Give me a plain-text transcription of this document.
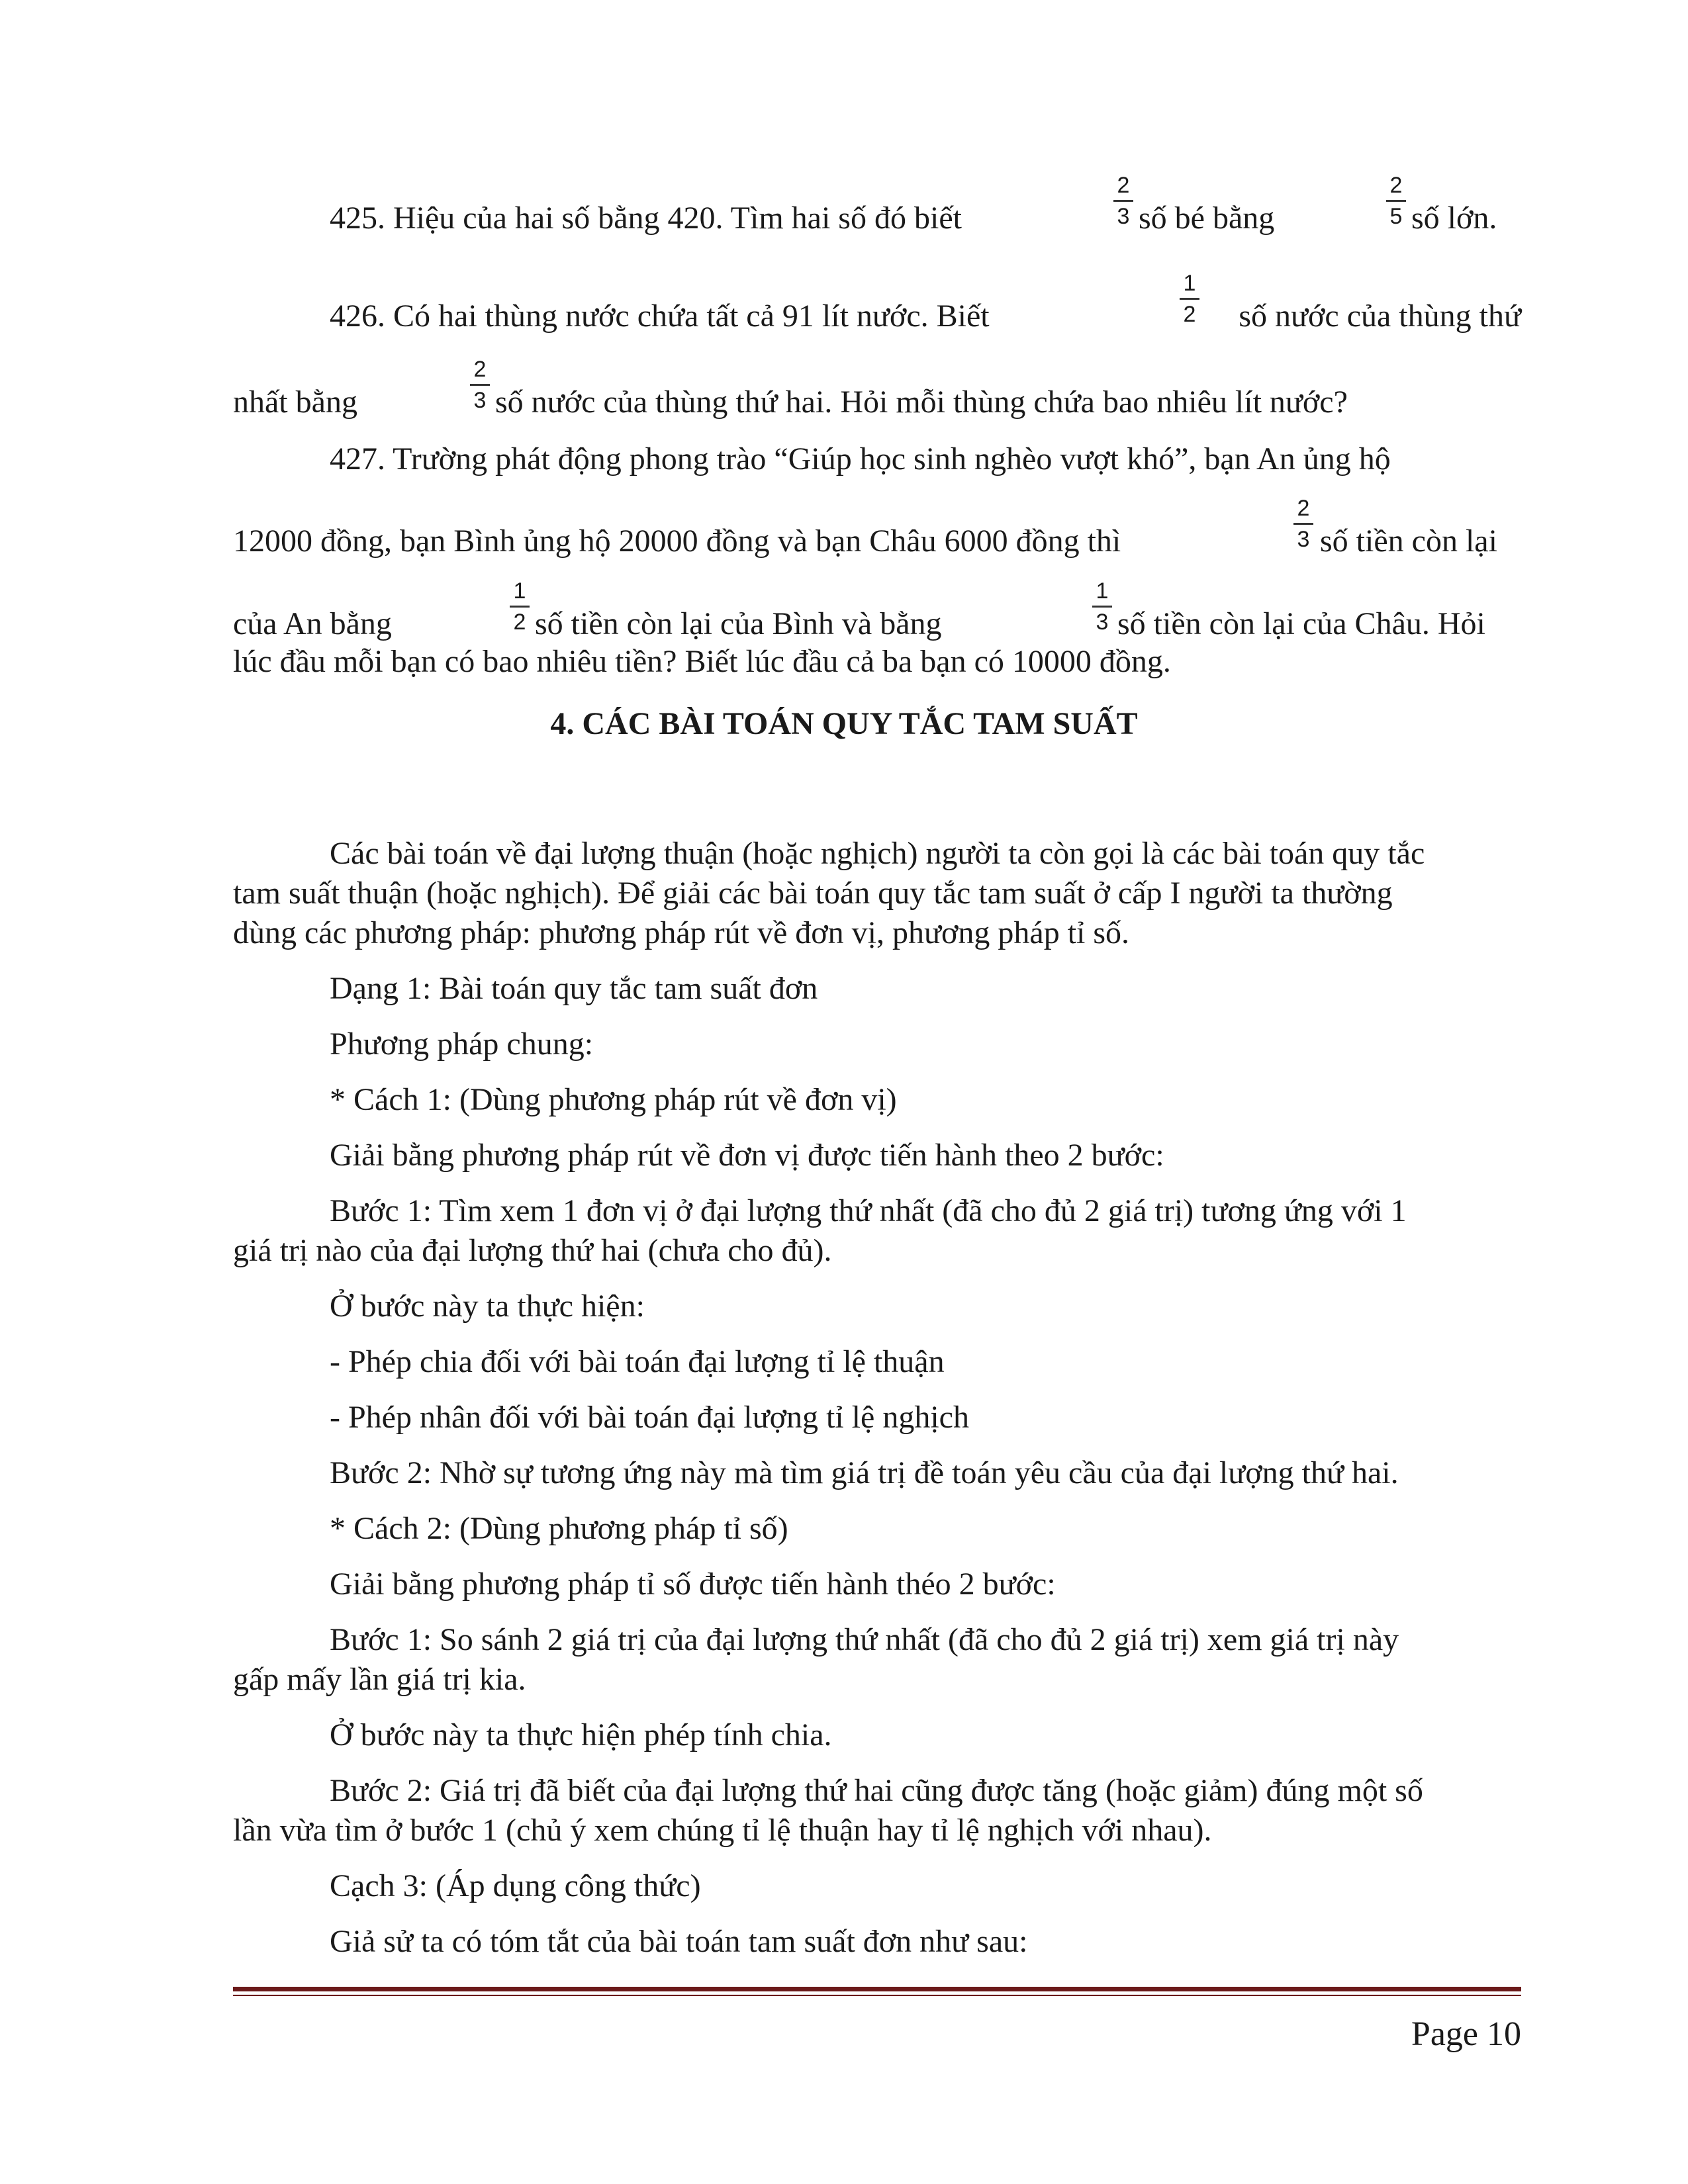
425. Hiệu của hai số bằng 420. Tìm hai số đó biết	$\frac{2}{3}$ số bé bằng	$\frac{2}{5}$ số lớn.
426. Có hai thùng nước chứa tất cả 91 lít nước. Biết	số nước của thùng thứ
$\frac{1}{2}$
nhất bằng	$\frac{2}{3}$ số nước của thùng thứ hai. Hỏi mỗi thùng chứa bao nhiêu lít nước?
427. Trường phát động phong trào “Giúp học sinh nghèo vượt khó”, bạn An ủng hộ
12000 đồng, bạn Bình ủng hộ 20000 đồng và bạn Châu 6000 đồng thì	$\frac{2}{3}$ số tiền còn lại
của An bằng	$\frac{1}{2}$ số tiền còn lại của Bình và bằng	$\frac{1}{3}$ số tiền còn lại của Châu. Hỏi
lúc đầu mỗi bạn có bao nhiêu tiền? Biết lúc đầu cả ba bạn có 10000 đồng.
4. CÁC BÀI TOÁN QUY TẮC TAM SUẤT
Các bài toán về đại lượng thuận (hoặc nghịch) người ta còn gọi là các bài toán quy tắc
tam suất thuận (hoặc nghịch). Để giải các bài toán quy tắc tam suất ở cấp I người ta thường
dùng các phương pháp: phương pháp rút về đơn vị, phương pháp tỉ số.
Dạng 1: Bài toán quy tắc tam suất đơn
Phương pháp chung:
* Cách 1: (Dùng phương pháp rút về đơn vị)
Giải bằng phương pháp rút về đơn vị được tiến hành theo 2 bước:
Bước 1: Tìm xem 1 đơn vị ở đại lượng thứ nhất (đã cho đủ 2 giá trị) tương ứng với 1
giá trị nào của đại lượng thứ hai (chưa cho đủ).
Ở bước này ta thực hiện:
- Phép chia đối với bài toán đại lượng tỉ lệ thuận
- Phép nhân đối với bài toán đại lượng tỉ lệ nghịch
Bước 2: Nhờ sự tương ứng này mà tìm giá trị đề toán yêu cầu của đại lượng thứ hai.
* Cách 2: (Dùng phương pháp tỉ số)
Giải bằng phương pháp tỉ số được tiến hành théo 2 bước:
Bước 1: So sánh 2 giá trị của đại lượng thứ nhất (đã cho đủ 2 giá trị) xem giá trị này
gấp mấy lần giá trị kia.
Ở bước này ta thực hiện phép tính chia.
Bước 2: Giá trị đã biết của đại lượng thứ hai cũng được tăng (hoặc giảm) đúng một số
lần vừa tìm ở bước 1 (chủ ý xem chúng tỉ lệ thuận hay tỉ lệ nghịch với nhau).
Cạch 3: (Áp dụng công thức)
Giả sử ta có tóm tắt của bài toán tam suất đơn như sau:
Page 10
